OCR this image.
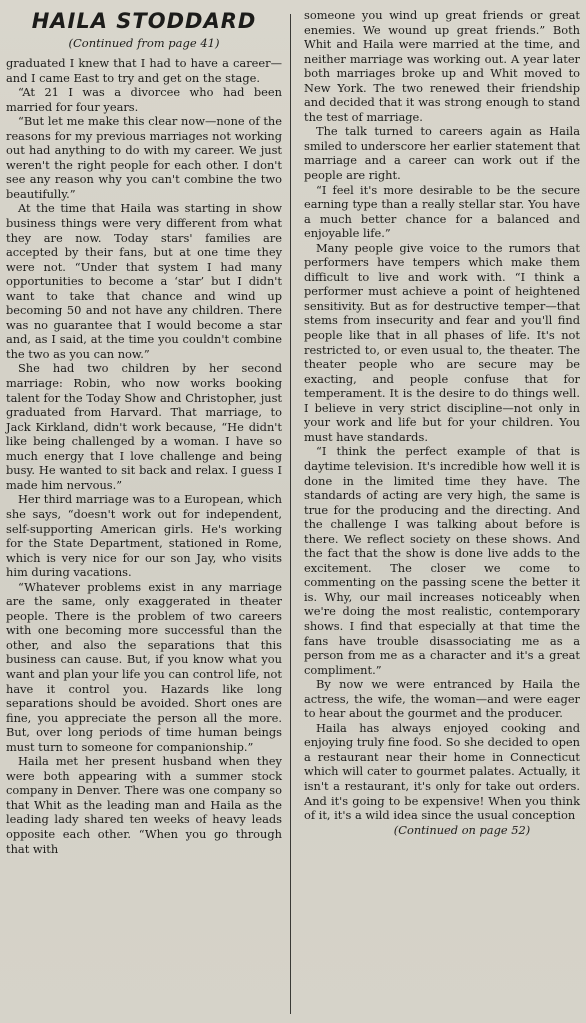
HAILA STODDARD
(Continued from page 41)

graduated I knew that I had to have a career—and I came East to try and get on the stage.

“At 21 I was a divorcee who had been married for four years.

“But let me make this clear now—none of the reasons for my previous marriages not working out had anything to do with my career. We just weren't the right people for each other. I don't see any reason why you can't combine the two beautifully.”

At the time that Haila was starting in show business things were very different from what they are now. Today stars' families are accepted by their fans, but at one time they were not. “Under that system I had many opportunities to become a ‘star’ but I didn't want to take that chance and wind up becoming 50 and not have any children. There was no guarantee that I would become a star and, as I said, at the time you couldn't combine the two as you can now.”

She had two children by her second marriage: Robin, who now works booking talent for the Today Show and Christopher, just graduated from Harvard. That marriage, to Jack Kirkland, didn't work because, “He didn't like being challenged by a woman. I have so much energy that I love challenge and being busy. He wanted to sit back and relax. I guess I made him nervous.”

Her third marriage was to a European, which she says, “doesn't work out for independent, self-supporting American girls. He's working for the State Department, stationed in Rome, which is very nice for our son Jay, who visits him during vacations.

“Whatever problems exist in any marriage are the same, only exaggerated in theater people. There is the problem of two careers with one becoming more successful than the other, and also the separations that this business can cause. But, if you know what you want and plan your life you can control life, not have it control you. Hazards like long separations should be avoided. Short ones are fine, you appreciate the person all the more. But, over long periods of time human beings must turn to someone for companionship.”

Haila met her present husband when they were both appearing with a summer stock company in Denver. There was one company so that Whit as the leading man and Haila as the leading lady shared ten weeks of heavy leads opposite each other. “When you go through that with

someone you wind up great friends or great enemies. We wound up great friends.” Both Whit and Haila were married at the time, and neither marriage was working out. A year later both marriages broke up and Whit moved to New York. The two renewed their friendship and decided that it was strong enough to stand the test of marriage.

The talk turned to careers again as Haila smiled to underscore her earlier statement that marriage and a career can work out if the people are right.

“I feel it's more desirable to be the secure earning type than a really stellar star. You have a much better chance for a balanced and enjoyable life.”

Many people give voice to the rumors that performers have tempers which make them difficult to live and work with. “I think a performer must achieve a point of heightened sensitivity. But as for destructive temper—that stems from insecurity and fear and you'll find people like that in all phases of life. It's not restricted to, or even usual to, the theater. The theater people who are secure may be exacting, and people confuse that for temperament. It is the desire to do things well. I believe in very strict discipline—not only in your work and life but for your children. You must have standards.

“I think the perfect example of that is daytime television. It's incredible how well it is done in the limited time they have. The standards of acting are very high, the same is true for the producing and the directing. And the challenge I was talking about before is there. We reflect society on these shows. And the fact that the show is done live adds to the excitement. The closer we come to commenting on the passing scene the better it is. Why, our mail increases noticeably when we're doing the most realistic, contemporary shows. I find that especially at that time the fans have trouble disassociating me as a person from me as a character and it's a great compliment.”

By now we were entranced by Haila the actress, the wife, the woman—and were eager to hear about the gourmet and the producer.

Haila has always enjoyed cooking and enjoying truly fine food. So she decided to open a restaurant near their home in Connecticut which will cater to gourmet palates. Actually, it isn't a restaurant, it's only for take out orders. And it's going to be expensive! When you think of it, it's a wild idea since the usual conception

(Continued on page 52)
